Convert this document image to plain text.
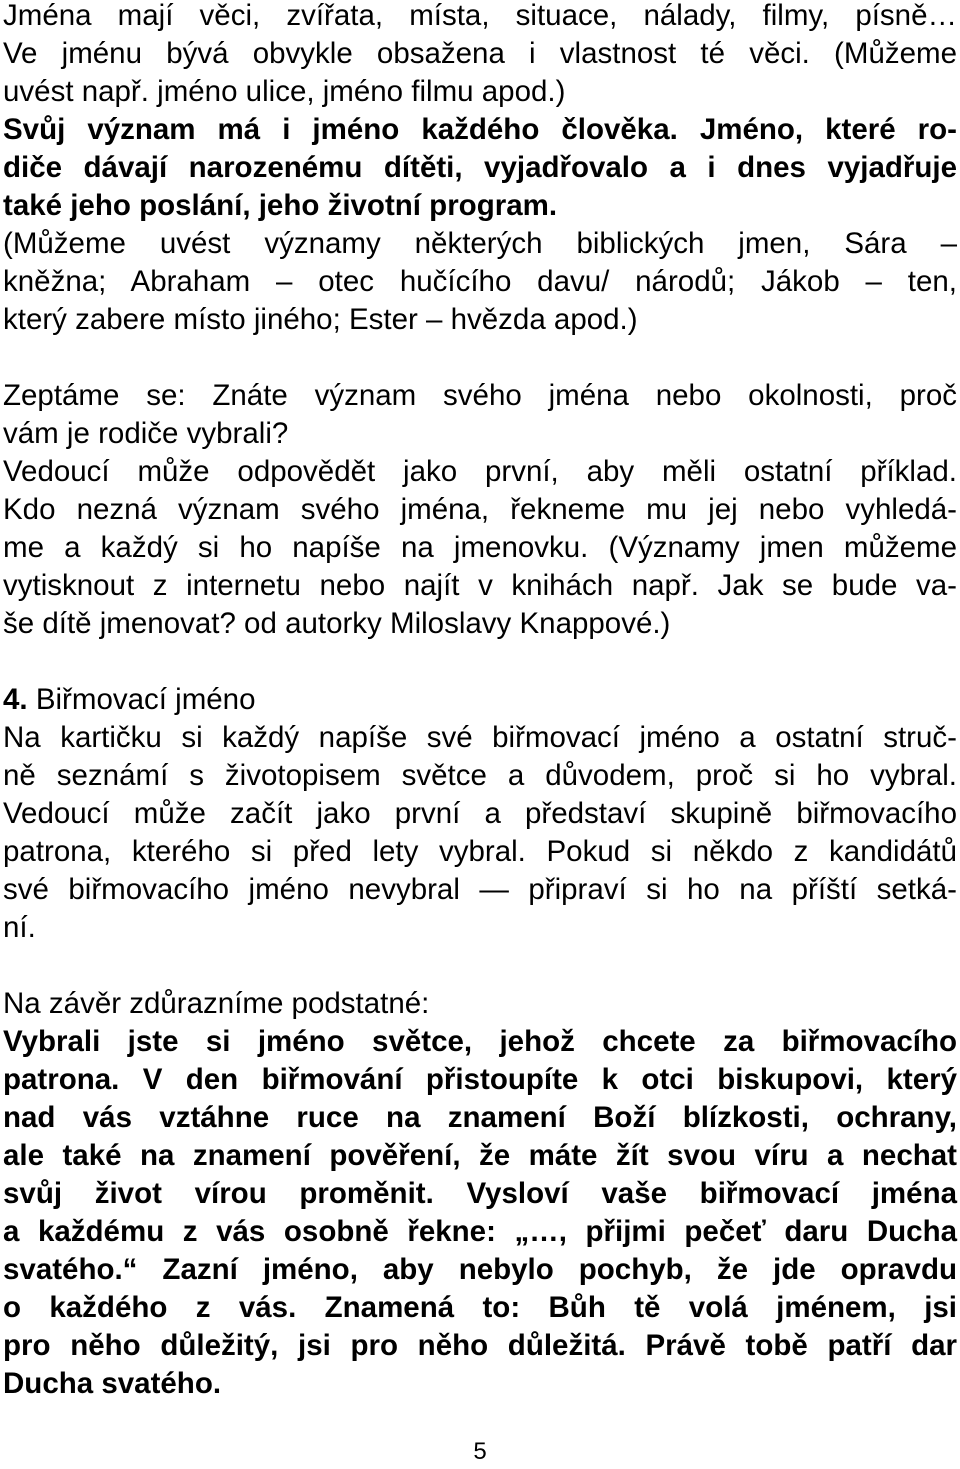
Jména mají věci, zvířata, místa, situace, nálady, filmy, písně…
Ve jménu bývá obvykle obsažena i vlastnost té věci. (Můžeme
uvést např. jméno ulice, jméno filmu apod.)
Svůj význam má i jméno každého člověka. Jméno, které ro-
diče dávají narozenému dítěti, vyjadřovalo a i dnes vyjadřuje
také jeho poslání, jeho životní program.
(Můžeme uvést významy některých biblických jmen, Sára –
kněžna; Abraham – otec hučícího davu/ národů; Jákob – ten,
který zabere místo jiného; Ester – hvězda apod.)
Zeptáme se: Znáte význam svého jména nebo okolnosti, proč
vám je rodiče vybrali?
Vedoucí může odpovědět jako první, aby měli ostatní příklad.
Kdo nezná význam svého jména, řekneme mu jej nebo vyhledá-
me a každý si ho napíše na jmenovku. (Významy jmen můžeme
vytisknout z internetu nebo najít v knihách např. Jak se bude va-
še dítě jmenovat? od autorky Miloslavy Knappové.)
4. Biřmovací jméno
Na kartičku si každý napíše své biřmovací jméno a ostatní struč-
ně seznámí s životopisem světce a důvodem, proč si ho vybral.
Vedoucí může začít jako první a představí skupině biřmovacího
patrona, kterého si před lety vybral. Pokud si někdo z kandidátů
své biřmovacího jméno nevybral — připraví si ho na příští setká-
ní.
Na závěr zdůrazníme podstatné:
Vybrali jste si jméno světce, jehož chcete za biřmovacího
patrona. V den biřmování přistoupíte k otci biskupovi, který
nad vás vztáhne ruce na znamení Boží blízkosti, ochrany,
ale také na znamení pověření, že máte žít svou víru a nechat
svůj život vírou proměnit. Vysloví vaše biřmovací jména
a každému z vás osobně řekne: „…, přijmi pečeť daru Ducha
svatého.“ Zazní jméno, aby nebylo pochyb, že jde opravdu
o každého z vás. Znamená to: Bůh tě volá jménem, jsi
pro něho důležitý, jsi pro něho důležitá. Právě tobě patří dar
Ducha svatého.
5
